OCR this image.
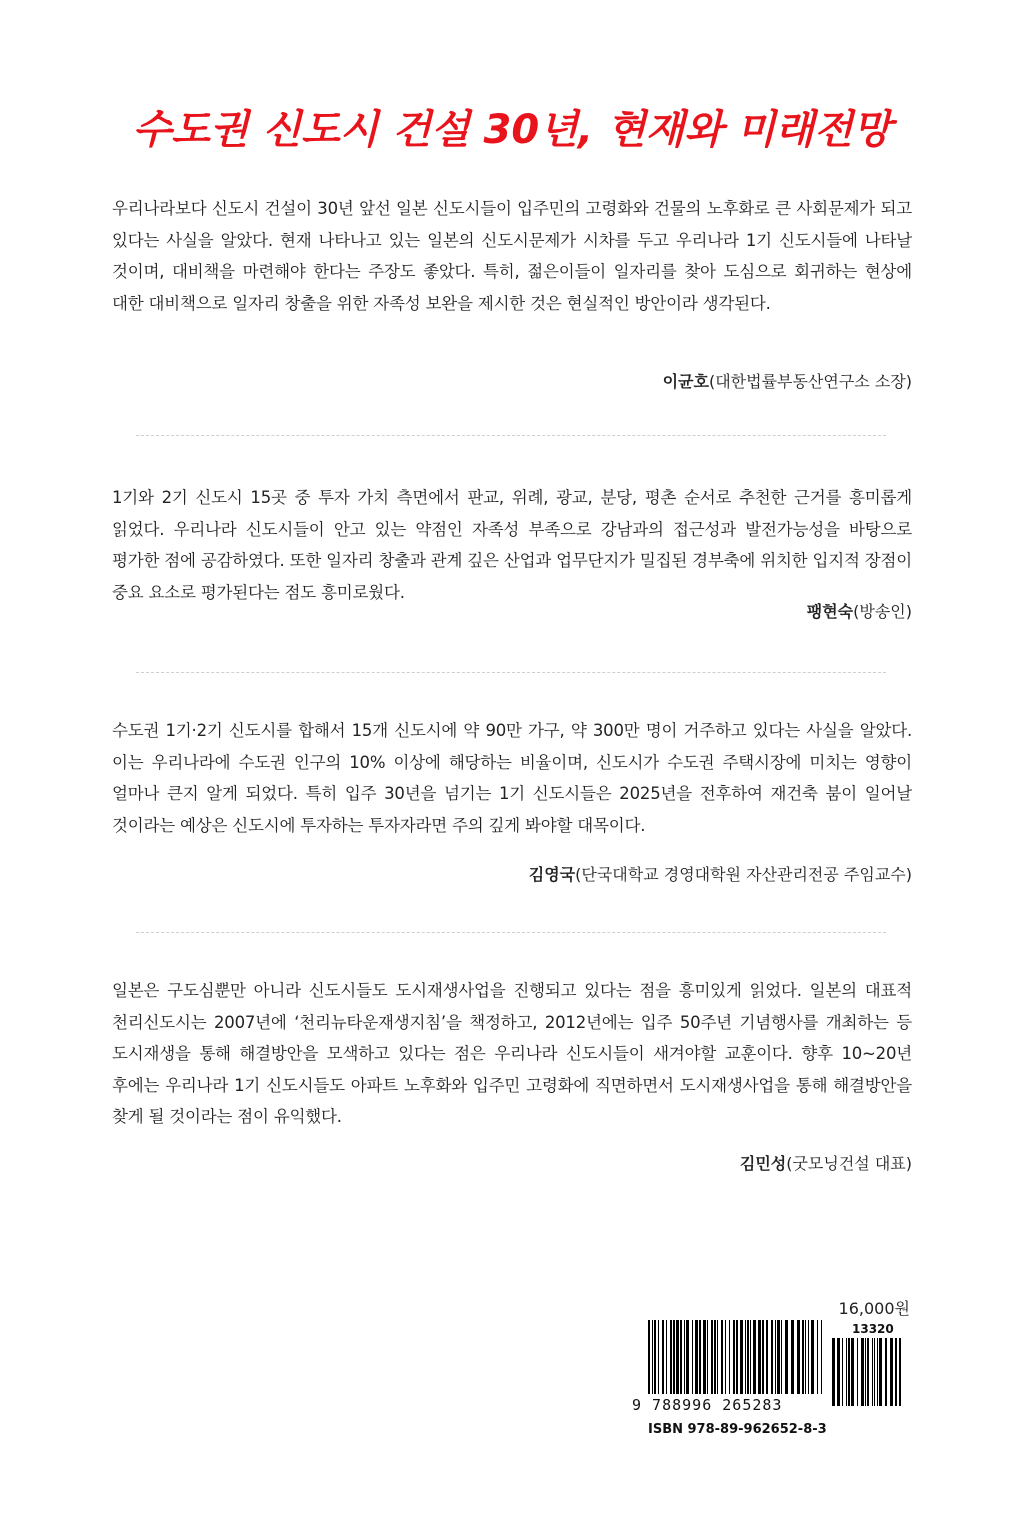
수도권 신도시 건설 30년, 현재와 미래전망

우리나라보다 신도시 건설이 30년 앞선 일본 신도시들이 입주민의 고령화와 건물의 노후화로 큰 사회문제가 되고 있다는 사실을 알았다. 현재 나타나고 있는 일본의 신도시문제가 시차를 두고 우리나라 1기 신도시들에 나타날 것이며, 대비책을 마련해야 한다는 주장도 좋았다. 특히, 젊은이들이 일자리를 찾아 도심으로 회귀하는 현상에 대한 대비책으로 일자리 창출을 위한 자족성 보완을 제시한 것은 현실적인 방안이라 생각된다.

이균호(대한법률부동산연구소 소장)

1기와 2기 신도시 15곳 중 투자 가치 측면에서 판교, 위례, 광교, 분당, 평촌 순서로 추천한 근거를 흥미롭게 읽었다. 우리나라 신도시들이 안고 있는 약점인 자족성 부족으로 강남과의 접근성과 발전가능성을 바탕으로 평가한 점에 공감하였다. 또한 일자리 창출과 관계 깊은 산업과 업무단지가 밀집된 경부축에 위치한 입지적 장점이 중요 요소로 평가된다는 점도 흥미로웠다.

팽현숙(방송인)

수도권 1기·2기 신도시를 합해서 15개 신도시에 약 90만 가구, 약 300만 명이 거주하고 있다는 사실을 알았다. 이는 우리나라에 수도권 인구의 10% 이상에 해당하는 비율이며, 신도시가 수도권 주택시장에 미치는 영향이 얼마나 큰지 알게 되었다. 특히 입주 30년을 넘기는 1기 신도시들은 2025년을 전후하여 재건축 붐이 일어날 것이라는 예상은 신도시에 투자하는 투자자라면 주의 깊게 봐야할 대목이다.

김영국(단국대학교 경영대학원 자산관리전공 주임교수)

일본은 구도심뿐만 아니라 신도시들도 도시재생사업을 진행되고 있다는 점을 흥미있게 읽었다. 일본의 대표적 천리신도시는 2007년에 ‘천리뉴타운재생지침’을 책정하고, 2012년에는 입주 50주년 기념행사를 개최하는 등 도시재생을 통해 해결방안을 모색하고 있다는 점은 우리나라 신도시들이 새겨야할 교훈이다. 향후 10~20년 후에는 우리나라 1기 신도시들도 아파트 노후화와 입주민 고령화에 직면하면서 도시재생사업을 통해 해결방안을 찾게 될 것이라는 점이 유익했다.

김민성(굿모닝건설 대표)
16,000원
13320
9 788996 265283
ISBN 978-89-962652-8-3
